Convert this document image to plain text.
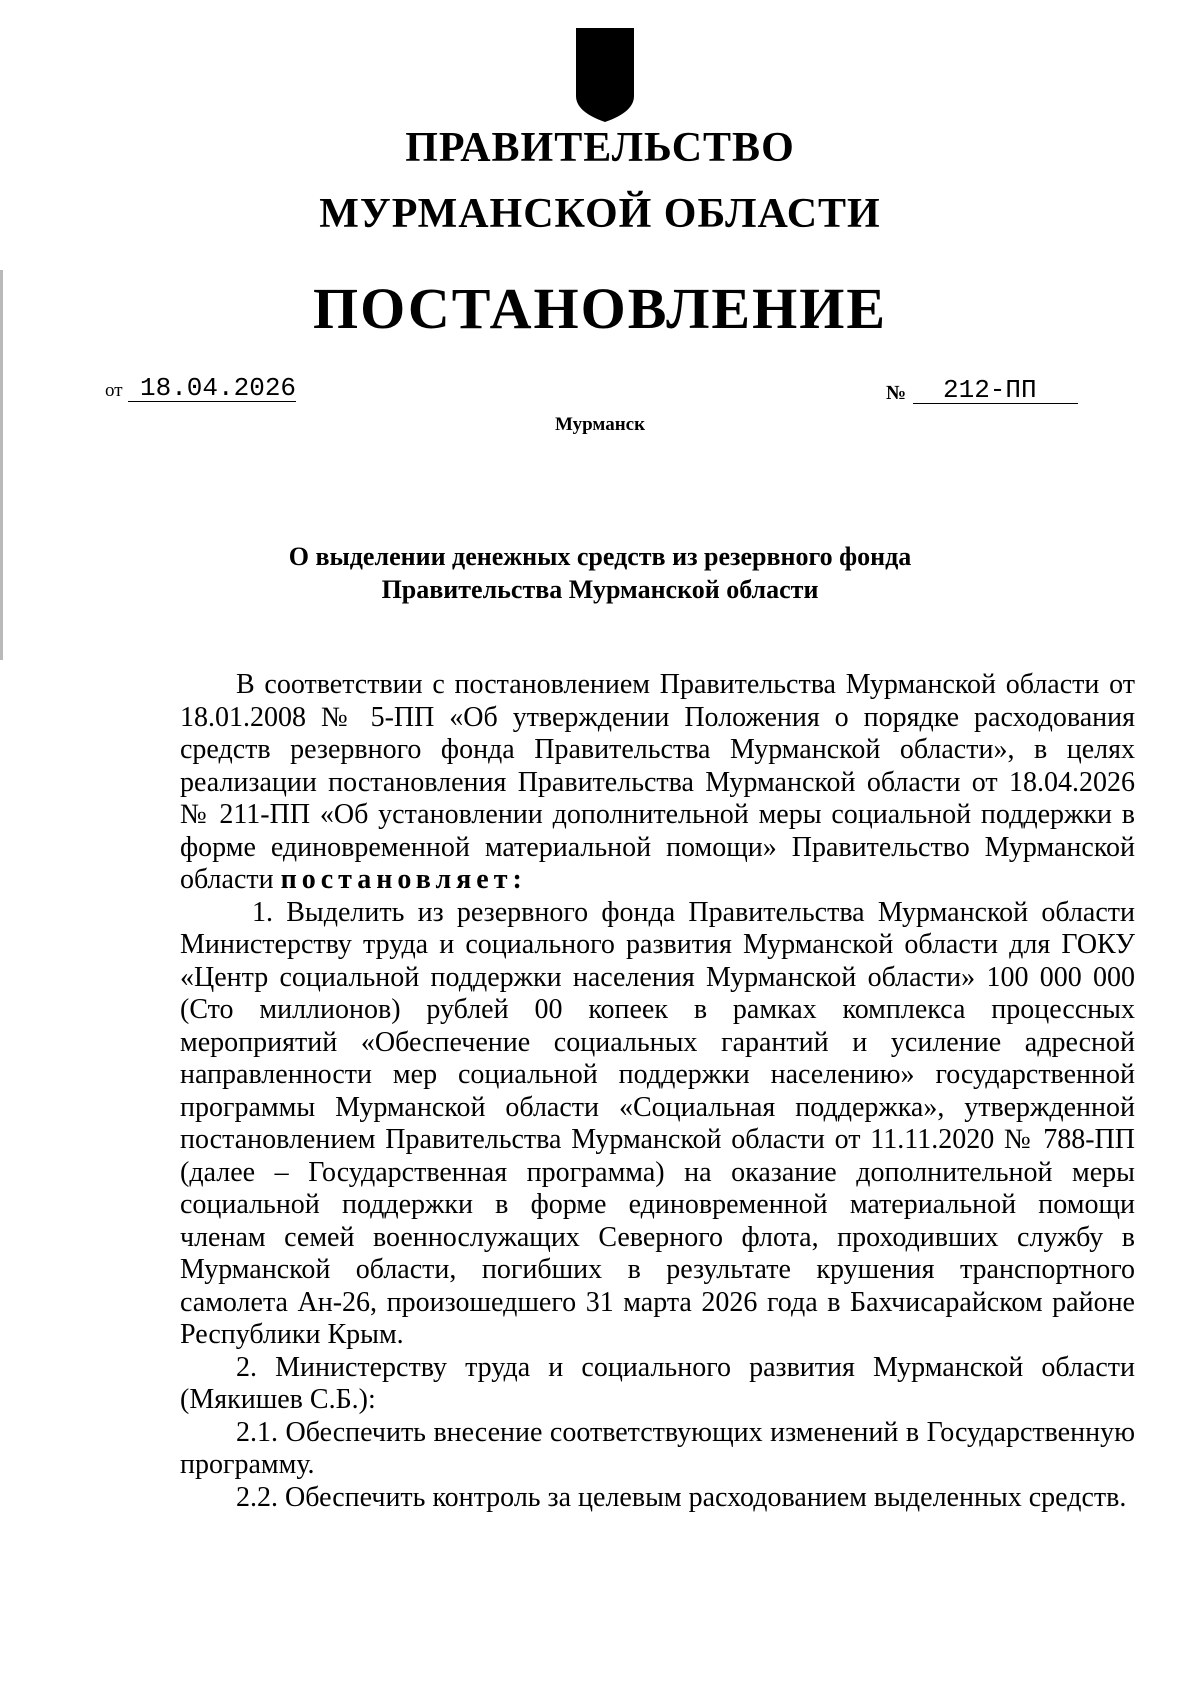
ПРАВИТЕЛЬСТВО
МУРМАНСКОЙ ОБЛАСТИ
ПОСТАНОВЛЕНИЕ
от 18.04.2026	№ 212-ПП
Мурманск
О выделении денежных средств из резервного фонда
Правительства Мурманской области

В соответствии с постановлением Правительства Мурманской области от 18.01.2008 № 5-ПП «Об утверждении Положения о порядке расходования средств резервного фонда Правительства Мурманской области», в целях реализации постановления Правительства Мурманской области от 18.04.2026 № 211-ПП «Об установлении дополнительной меры социальной поддержки в форме единовременной материальной помощи» Правительство Мурманской области постановляет:

1. Выделить из резервного фонда Правительства Мурманской области Министерству труда и социального развития Мурманской области для ГОКУ «Центр социальной поддержки населения Мурманской области» 100 000 000 (Сто миллионов) рублей 00 копеек в рамках комплекса процессных мероприятий «Обеспечение социальных гарантий и усиление адресной направленности мер социальной поддержки населению» государственной программы Мурманской области «Социальная поддержка», утвержденной постановлением Правительства Мурманской области от 11.11.2020 № 788-ПП (далее – Государственная программа) на оказание дополнительной меры социальной поддержки в форме единовременной материальной помощи членам семей военнослужащих Северного флота, проходивших службу в Мурманской области, погибших в результате крушения транспортного самолета Ан-26, произошедшего 31 марта 2026 года в Бахчисарайском районе Республики Крым.

2. Министерству труда и социального развития Мурманской области (Мякишев С.Б.):

2.1. Обеспечить внесение соответствующих изменений в Государственную программу.

2.2. Обеспечить контроль за целевым расходованием выделенных средств.
